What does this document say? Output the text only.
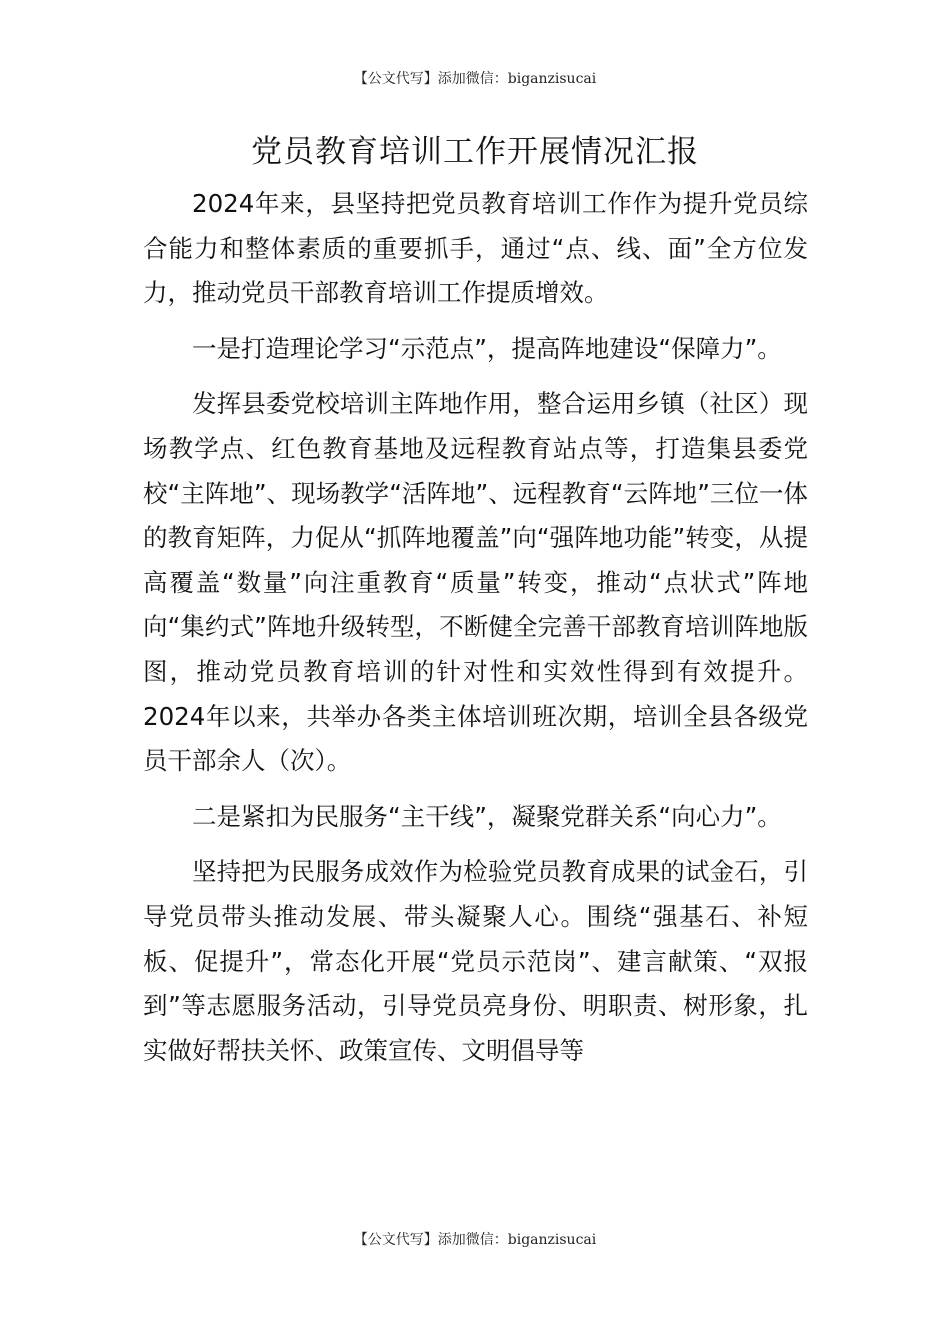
【公文代写】添加微信：biganzisucai
党员教育培训工作开展情况汇报

2024年来，县坚持把党员教育培训工作作为提升党员综合能力和整体素质的重要抓手，通过“点、线、面”全方位发力，推动党员干部教育培训工作提质增效。

一是打造理论学习“示范点”，提高阵地建设“保障力”。

发挥县委党校培训主阵地作用，整合运用乡镇（社区）现场教学点、红色教育基地及远程教育站点等，打造集县委党校“主阵地”、现场教学“活阵地”、远程教育“云阵地”三位一体的教育矩阵，力促从“抓阵地覆盖”向“强阵地功能”转变，从提高覆盖“数量”向注重教育“质量”转变，推动“点状式”阵地向“集约式”阵地升级转型，不断健全完善干部教育培训阵地版图，推动党员教育培训的针对性和实效性得到有效提升。2024年以来，共举办各类主体培训班次期，培训全县各级党员干部余人（次）。

二是紧扣为民服务“主干线”，凝聚党群关系“向心力”。

坚持把为民服务成效作为检验党员教育成果的试金石，引导党员带头推动发展、带头凝聚人心。围绕“强基石、补短板、促提升”，常态化开展“党员示范岗”、建言献策、“双报到”等志愿服务活动，引导党员亮身份、明职责、树形象，扎实做好帮扶关怀、政策宣传、文明倡导等

【公文代写】添加微信：biganzisucai
